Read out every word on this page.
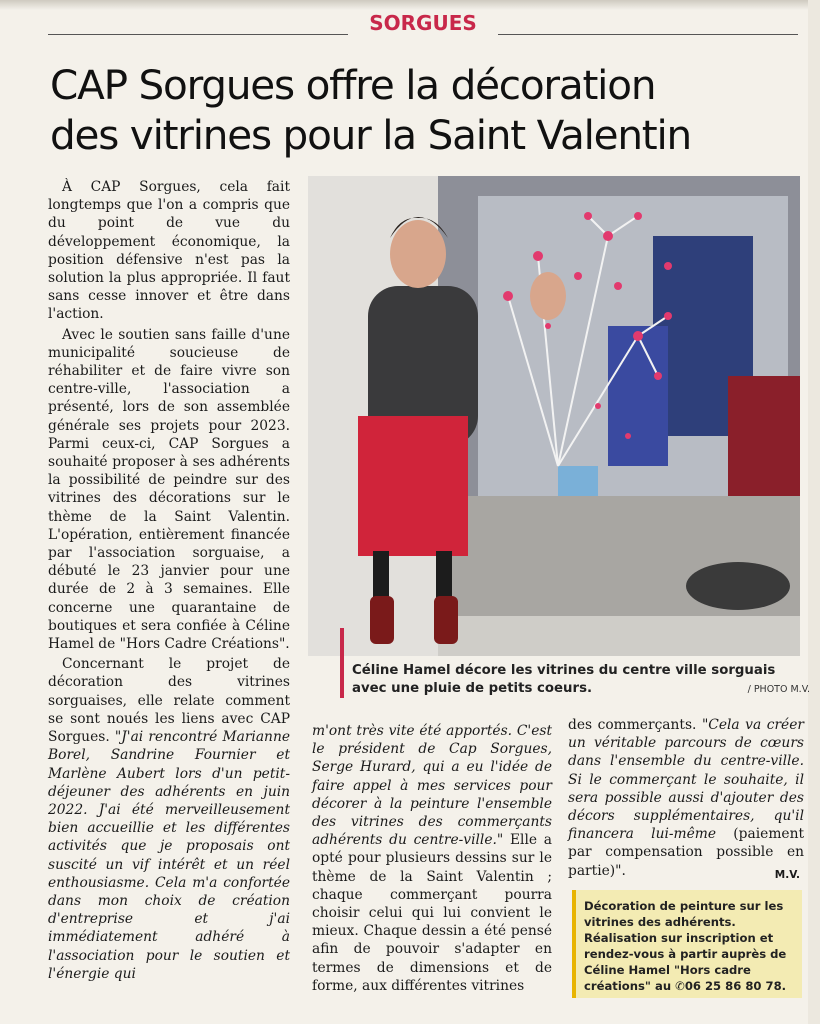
SORGUES
CAP Sorgues offre la décoration
des vitrines pour la Saint Valentin

À CAP Sorgues, cela fait longtemps que l'on a compris que du point de vue du développement économique, la position défensive n'est pas la solution la plus appropriée. Il faut sans cesse innover et être dans l'action.

Avec le soutien sans faille d'une municipalité soucieuse de réhabiliter et de faire vivre son centre-ville, l'association a présenté, lors de son assemblée générale ses projets pour 2023. Parmi ceux-ci, CAP Sorgues a souhaité proposer à ses adhérents la possibilité de peindre sur des vitrines des décorations sur le thème de la Saint Valentin. L'opération, entièrement financée par l'association sorguaise, a débuté le 23 janvier pour une durée de 2 à 3 semaines. Elle concerne une quarantaine de boutiques et sera confiée à Céline Hamel de "Hors Cadre Créations".

Concernant le projet de décoration des vitrines sorguaises, elle relate comment se sont noués les liens avec CAP Sorgues. "J'ai rencontré Marianne Borel, Sandrine Fournier et Marlène Aubert lors d'un petit-déjeuner des adhérents en juin 2022. J'ai été merveilleusement bien accueillie et les différentes activités que je proposais ont suscité un vif intérêt et un réel enthousiasme. Cela m'a confortée dans mon choix de création d'entreprise et j'ai immédiatement adhéré à l'association pour le soutien et l'énergie qui

Céline Hamel décore les vitrines du centre ville sorguais avec une pluie de petits coeurs.	/ PHOTO M.V.

m'ont très vite été apportés. C'est le président de Cap Sorgues, Serge Hurard, qui a eu l'idée de faire appel à mes services pour décorer à la peinture l'ensemble des vitrines des commerçants adhérents du centre-ville." Elle a opté pour plusieurs dessins sur le thème de la Saint Valentin ; chaque commerçant pourra choisir celui qui lui convient le mieux. Chaque dessin a été pensé afin de pouvoir s'adapter en termes de dimensions et de forme, aux différentes vitrines

des commerçants. "Cela va créer un véritable parcours de cœurs dans l'ensemble du centre-ville. Si le commerçant le souhaite, il sera possible aussi d'ajouter des décors supplémentaires, qu'il financera lui-même (paiement par compensation possible en partie)".	M.V.

Décoration de peinture sur les vitrines des adhérents. Réalisation sur inscription et rendez-vous à partir auprès de Céline Hamel "Hors cadre créations" au ✆06 25 86 80 78.
